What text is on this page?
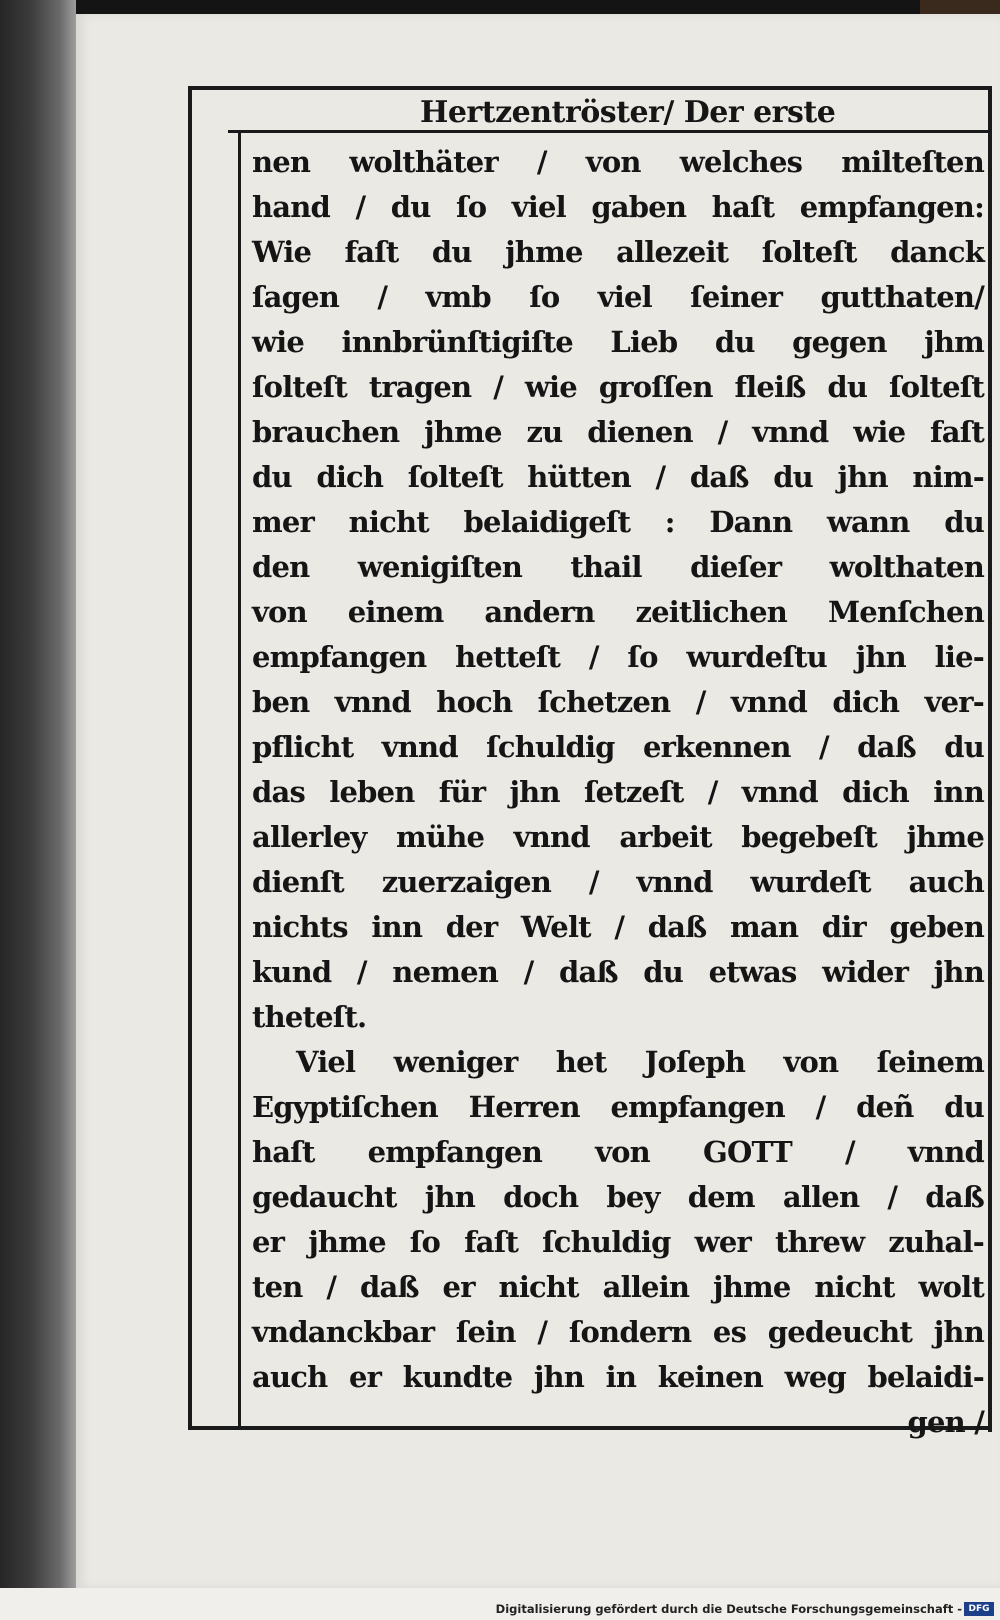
Hertzentröster/ Der erste
nen wolthäter / von welches milteſten
hand / du ſo viel gaben haſt empfangen:
Wie faſt du jhme allezeit ſolteſt danck
ſagen / vmb ſo viel ſeiner gutthaten/
wie innbrünſtigiſte Lieb du gegen jhm
ſolteſt tragen / wie groſſen fleiß du ſolteſt
brauchen jhme zu dienen / vnnd wie faſt
du dich ſolteſt hütten / daß du jhn nim-
mer nicht belaidigeſt : Dann wann du
den wenigiſten thail dieſer wolthaten
von einem andern zeitlichen Menſchen
empfangen hetteſt / ſo wurdeſtu jhn lie-
ben vnnd hoch ſchetzen / vnnd dich ver-
pflicht vnnd ſchuldig erkennen / daß du
das leben für jhn ſetzeſt / vnnd dich inn
allerley mühe vnnd arbeit begebeſt jhme
dienſt zuerzaigen / vnnd wurdeſt auch
nichts inn der Welt / daß man dir geben
kund / nemen / daß du etwas wider jhn
theteſt.
Viel weniger het Joſeph von ſeinem
Egyptiſchen Herren empfangen / deñ du
haſt empfangen von GOTT / vnnd
gedaucht jhn doch bey dem allen / daß
er jhme ſo faſt ſchuldig wer threw zuhal-
ten / daß er nicht allein jhme nicht wolt
vndanckbar ſein / ſondern es gedeucht jhn
auch er kundte jhn in keinen weg belaidi-
gen /
Digitalisierung gefördert durch die Deutsche Forschungsgemeinschaft - DFG
